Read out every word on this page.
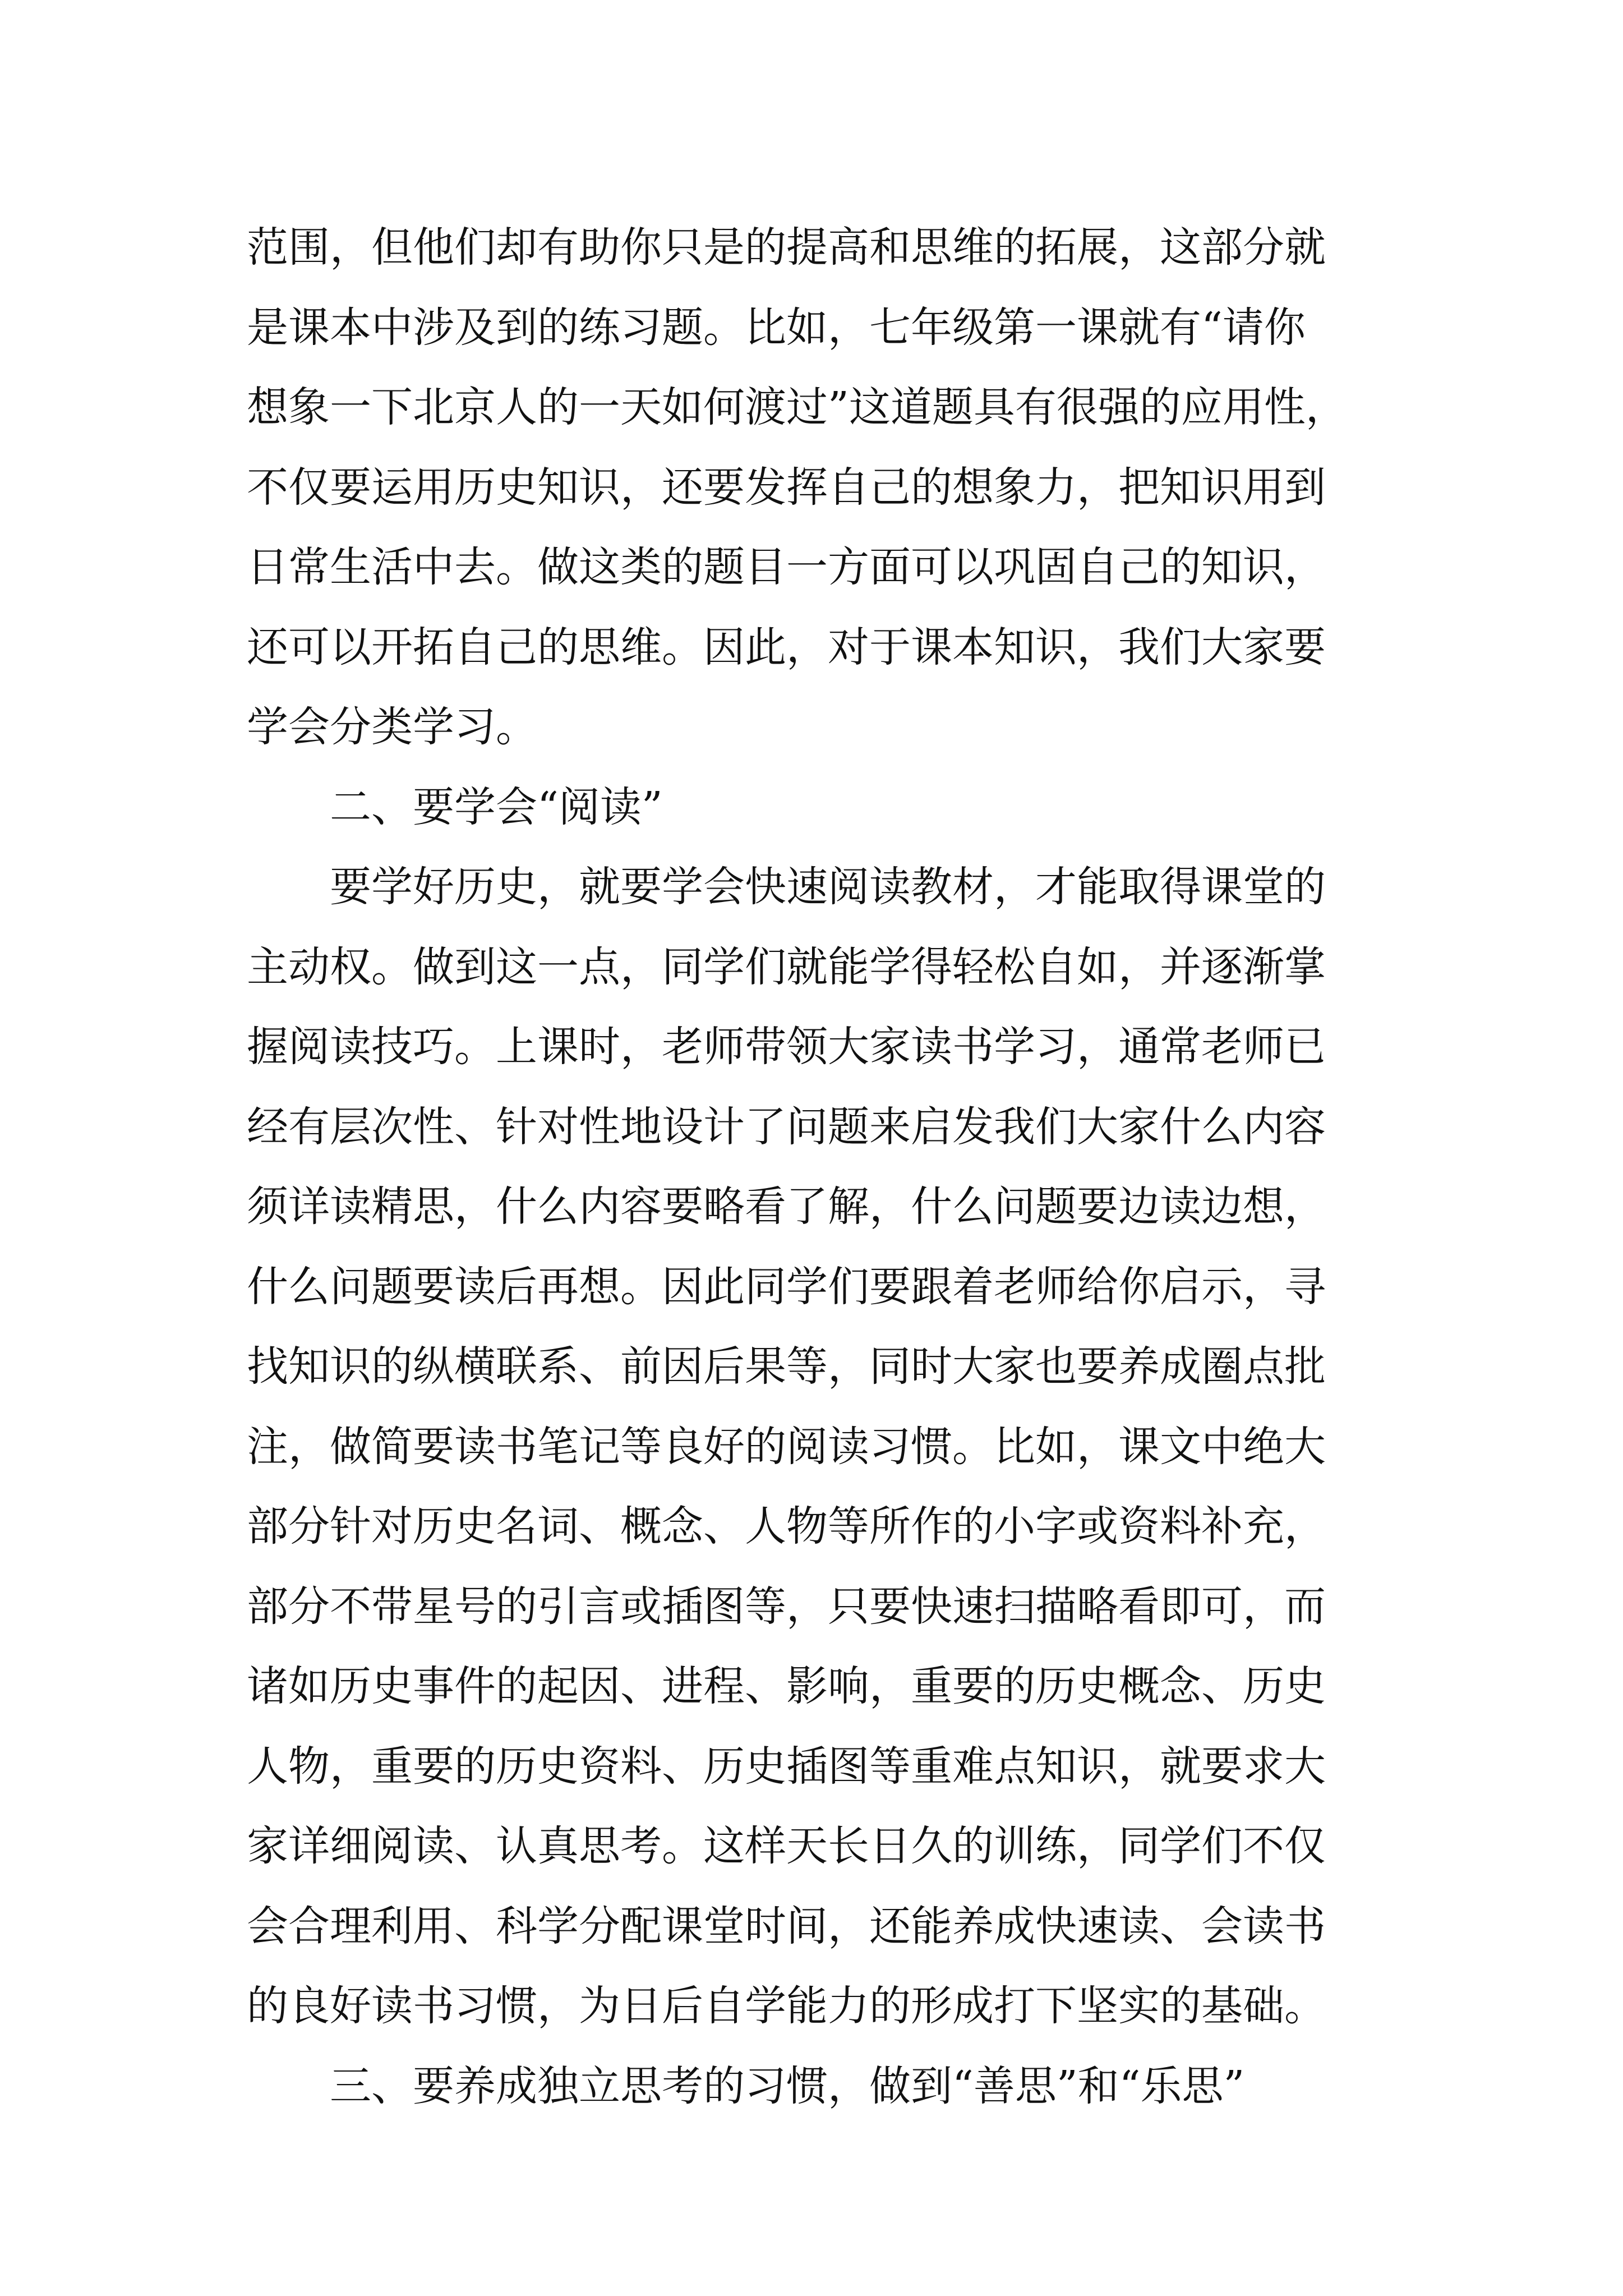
范围，但他们却有助你只是的提高和思维的拓展，这部分就
是课本中涉及到的练习题。比如，七年级第一课就有“请你
想象一下北京人的一天如何渡过”这道题具有很强的应用性，
不仅要运用历史知识，还要发挥自己的想象力，把知识用到
日常生活中去。做这类的题目一方面可以巩固自己的知识，
还可以开拓自己的思维。因此，对于课本知识，我们大家要
学会分类学习。
二、要学会“阅读”
要学好历史，就要学会快速阅读教材，才能取得课堂的
主动权。做到这一点，同学们就能学得轻松自如，并逐渐掌
握阅读技巧。上课时，老师带领大家读书学习，通常老师已
经有层次性、针对性地设计了问题来启发我们大家什么内容
须详读精思，什么内容要略看了解，什么问题要边读边想，
什么问题要读后再想。因此同学们要跟着老师给你启示，寻
找知识的纵横联系、前因后果等，同时大家也要养成圈点批
注，做简要读书笔记等良好的阅读习惯。比如，课文中绝大
部分针对历史名词、概念、人物等所作的小字或资料补充，
部分不带星号的引言或插图等，只要快速扫描略看即可，而
诸如历史事件的起因、进程、影响，重要的历史概念、历史
人物，重要的历史资料、历史插图等重难点知识，就要求大
家详细阅读、认真思考。这样天长日久的训练，同学们不仅
会合理利用、科学分配课堂时间，还能养成快速读、会读书
的良好读书习惯，为日后自学能力的形成打下坚实的基础。
三、要养成独立思考的习惯，做到“善思”和“乐思”
